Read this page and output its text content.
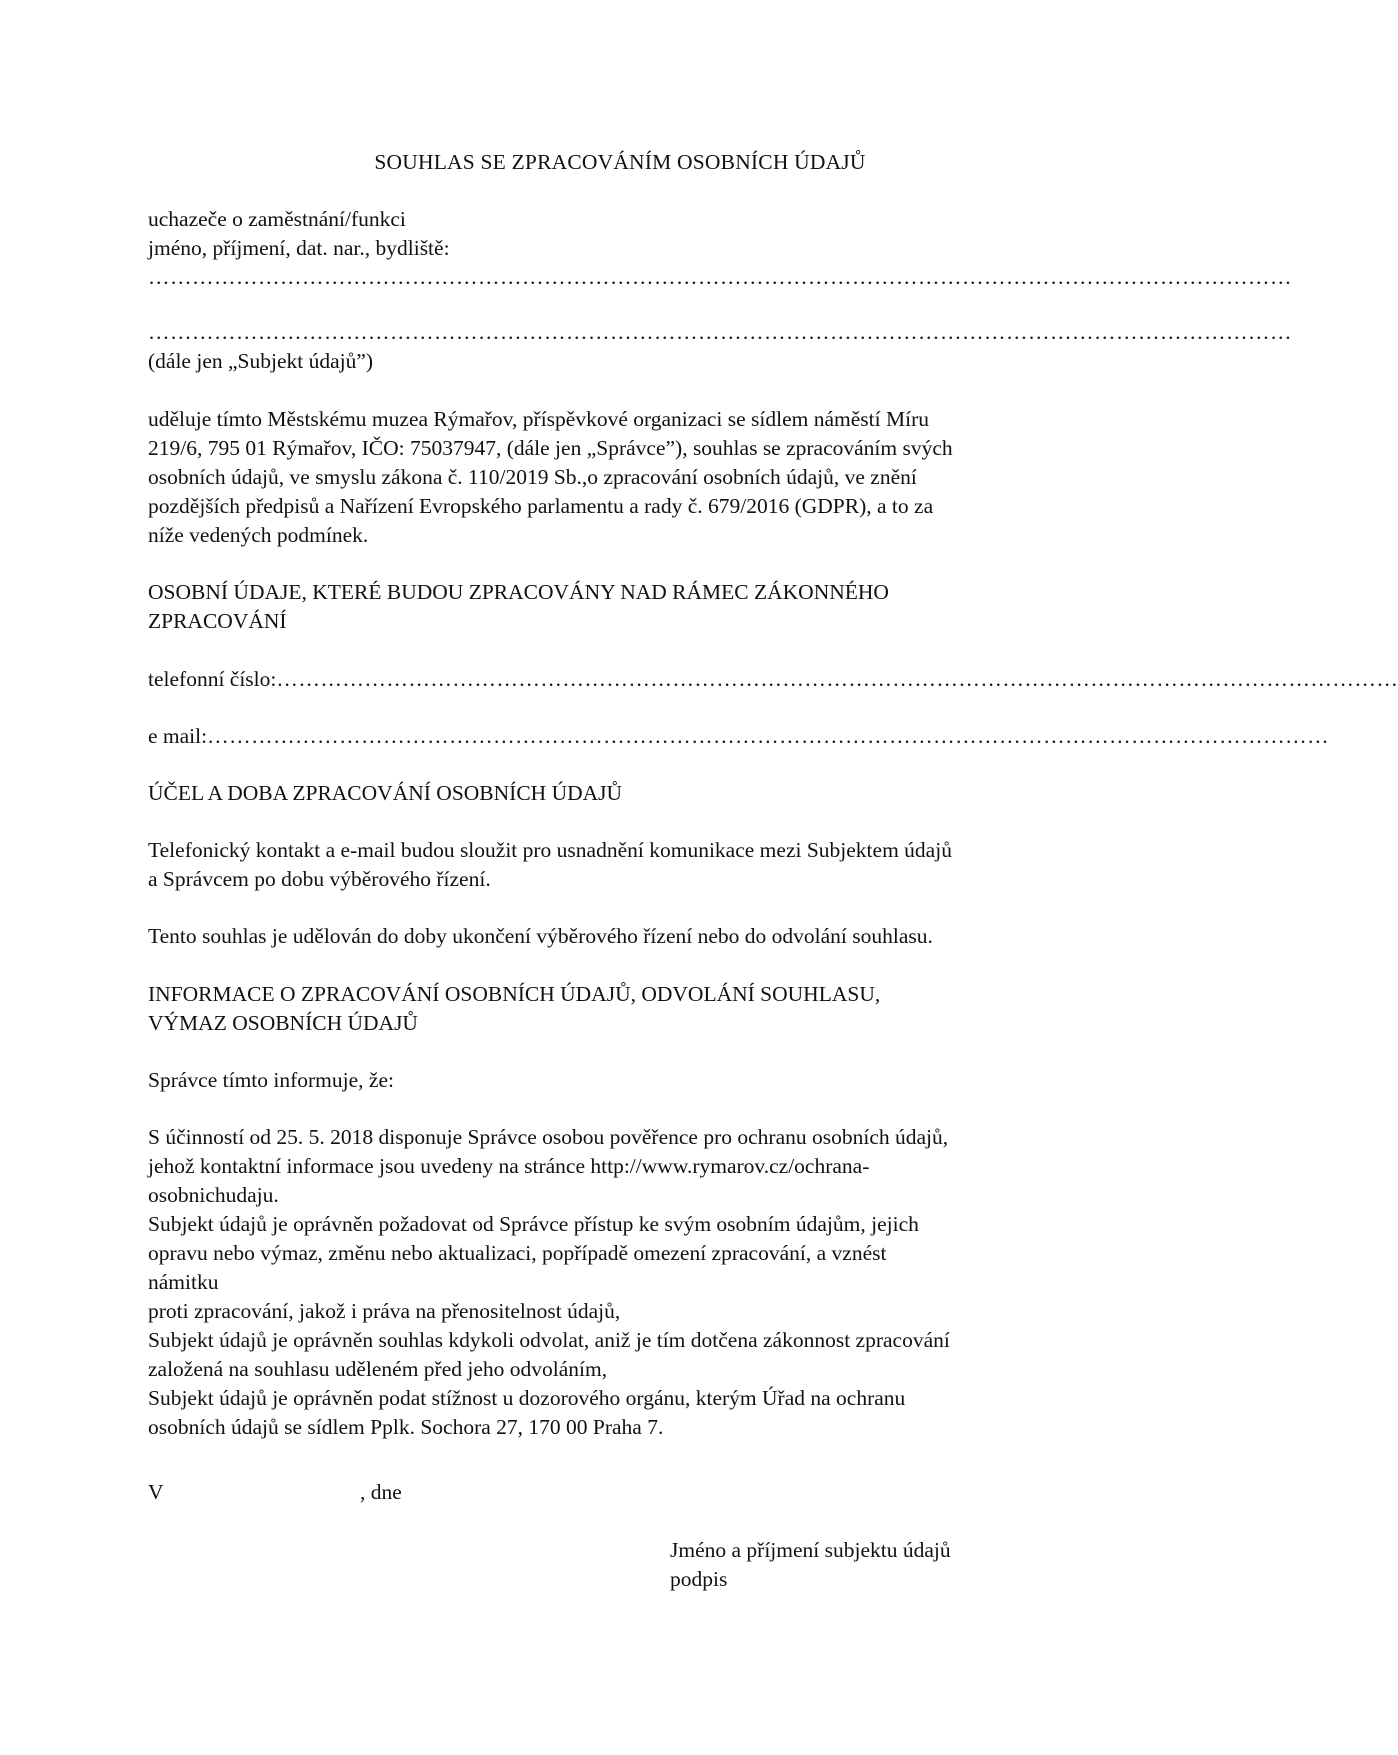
SOUHLAS SE ZPRACOVÁNÍM OSOBNÍCH ÚDAJŮ
uchazeče o zaměstnání/funkci
jméno, příjmení, dat. nar., bydliště:
…………………………………………………………………………………………………………………………………………
…………………………………………………………………………………………………………………………………………
(dále jen „Subjekt údajů”)
uděluje tímto Městskému muzea Rýmařov, příspěvkové organizaci se sídlem náměstí Míru
219/6, 795 01 Rýmařov, IČO: 75037947, (dále jen „Správce”), souhlas se zpracováním svých
osobních údajů, ve smyslu zákona č. 110/2019 Sb.,o zpracování osobních údajů, ve znění
pozdějších předpisů a Nařízení Evropského parlamentu a rady č. 679/2016 (GDPR), a to za
níže vedených podmínek.
OSOBNÍ ÚDAJE, KTERÉ BUDOU ZPRACOVÁNY NAD RÁMEC ZÁKONNÉHO
ZPRACOVÁNÍ
telefonní číslo: ………………………………………………………………………………………………………………………………………
e mail: ………………………………………………………………………………………………………………………………………
ÚČEL A DOBA ZPRACOVÁNÍ OSOBNÍCH ÚDAJŮ
Telefonický kontakt a e-mail budou sloužit pro usnadnění komunikace mezi Subjektem údajů
a Správcem po dobu výběrového řízení.
Tento souhlas je udělován do doby ukončení výběrového řízení nebo do odvolání souhlasu.
INFORMACE O ZPRACOVÁNÍ OSOBNÍCH ÚDAJŮ, ODVOLÁNÍ SOUHLASU,
VÝMAZ OSOBNÍCH ÚDAJŮ
Správce tímto informuje, že:
S účinností od 25. 5. 2018 disponuje Správce osobou pověřence pro ochranu osobních údajů,
jehož kontaktní informace jsou uvedeny na stránce http://www.rymarov.cz/ochrana-
osobnichudaju.
Subjekt údajů je oprávněn požadovat od Správce přístup ke svým osobním údajům, jejich
opravu nebo výmaz, změnu nebo aktualizaci, popřípadě omezení zpracování, a vznést
námitku
proti zpracování, jakož i práva na přenositelnost údajů,
Subjekt údajů je oprávněn souhlas kdykoli odvolat, aniž je tím dotčena zákonnost zpracování
založená na souhlasu uděleném před jeho odvoláním,
Subjekt údajů je oprávněn podat stížnost u dozorového orgánu, kterým Úřad na ochranu
osobních údajů se sídlem Pplk. Sochora 27, 170 00 Praha 7.
V	, dne
Jméno a příjmení subjektu údajů
podpis
